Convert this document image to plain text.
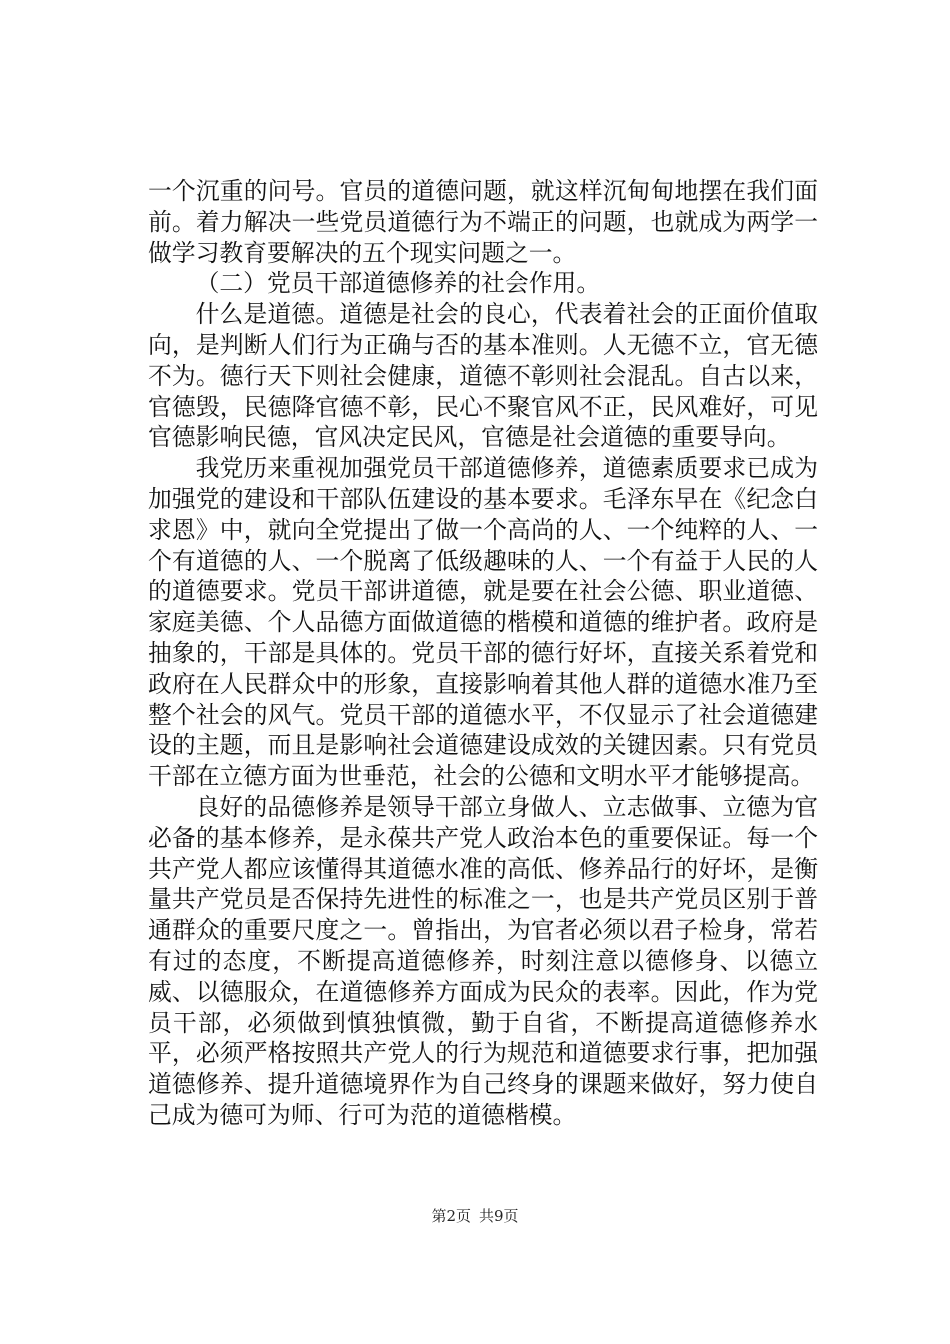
一个沉重的问号。官员的道德问题，就这样沉甸甸地摆在我们面前。着力解决一些党员道德行为不端正的问题，也就成为两学一做学习教育要解决的五个现实问题之一。

（二）党员干部道德修养的社会作用。

什么是道德。道德是社会的良心，代表着社会的正面价值取向，是判断人们行为正确与否的基本准则。人无德不立，官无德不为。德行天下则社会健康，道德不彰则社会混乱。自古以来，官德毁，民德降官德不彰，民心不聚官风不正，民风难好，可见官德影响民德，官风决定民风，官德是社会道德的重要导向。

我党历来重视加强党员干部道德修养，道德素质要求已成为加强党的建设和干部队伍建设的基本要求。毛泽东早在《纪念白求恩》中，就向全党提出了做一个高尚的人、一个纯粹的人、一个有道德的人、一个脱离了低级趣味的人、一个有益于人民的人的道德要求。党员干部讲道德，就是要在社会公德、职业道德、家庭美德、个人品德方面做道德的楷模和道德的维护者。政府是抽象的，干部是具体的。党员干部的德行好坏，直接关系着党和政府在人民群众中的形象，直接影响着其他人群的道德水准乃至整个社会的风气。党员干部的道德水平，不仅显示了社会道德建设的主题，而且是影响社会道德建设成效的关键因素。只有党员干部在立德方面为世垂范，社会的公德和文明水平才能够提高。

良好的品德修养是领导干部立身做人、立志做事、立德为官必备的基本修养，是永葆共产党人政治本色的重要保证。每一个共产党人都应该懂得其道德水准的高低、修养品行的好坏，是衡量共产党员是否保持先进性的标准之一，也是共产党员区别于普通群众的重要尺度之一。曾指出，为官者必须以君子检身，常若有过的态度，不断提高道德修养，时刻注意以德修身、以德立威、以德服众，在道德修养方面成为民众的表率。因此，作为党员干部，必须做到慎独慎微，勤于自省，不断提高道德修养水平，必须严格按照共产党人的行为规范和道德要求行事，把加强道德修养、提升道德境界作为自己终身的课题来做好，努力使自己成为德可为师、行可为范的道德楷模。

第2页 共9页
